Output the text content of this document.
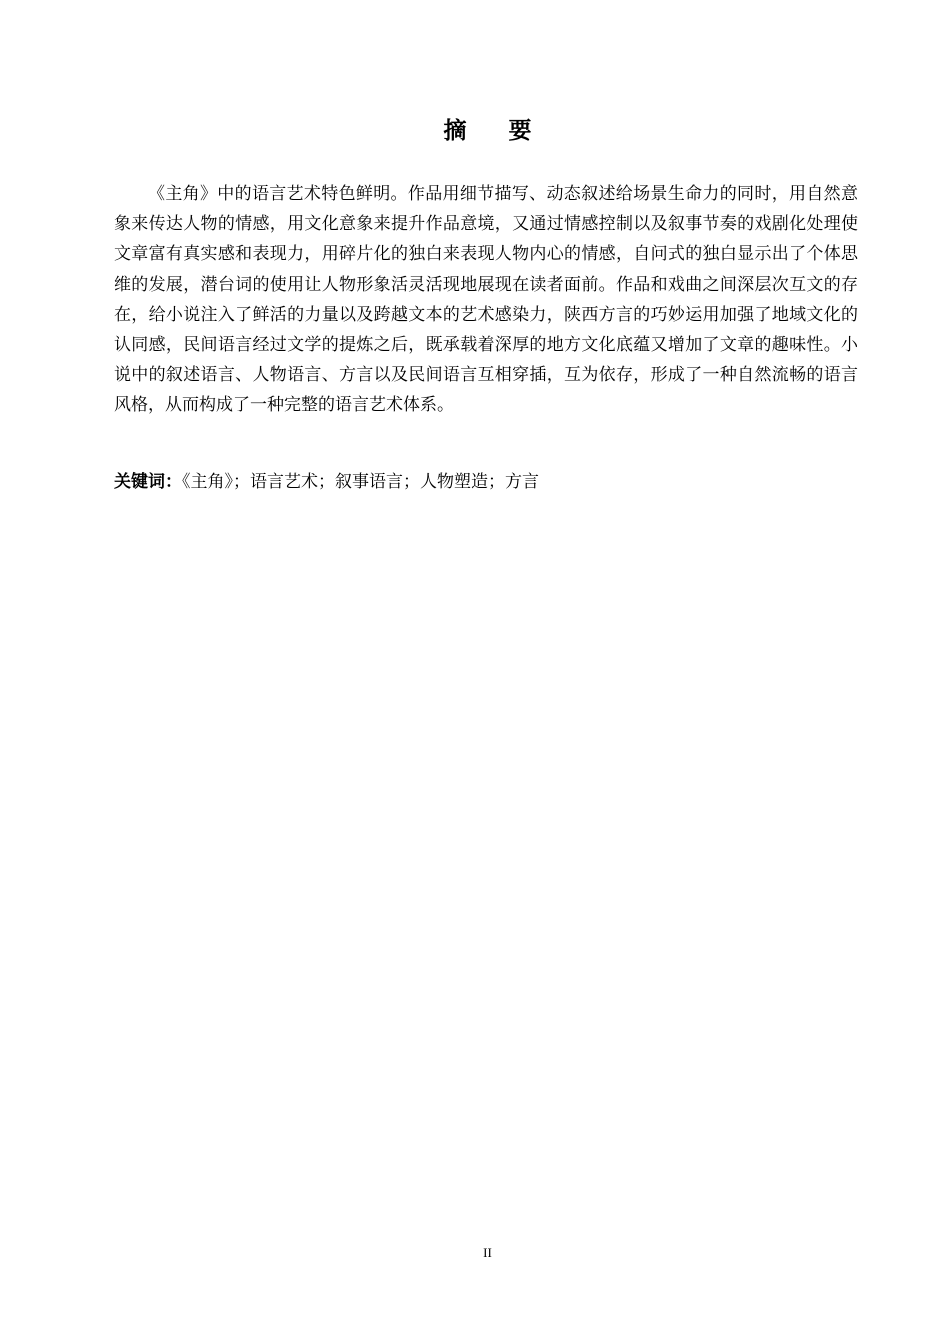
摘 要

《主角》中的语言艺术特色鲜明。作品用细节描写、动态叙述给场景生命力的同时，用自然意象来传达人物的情感，用文化意象来提升作品意境，又通过情感控制以及叙事节奏的戏剧化处理使文章富有真实感和表现力，用碎片化的独白来表现人物内心的情感，自问式的独白显示出了个体思维的发展，潜台词的使用让人物形象活灵活现地展现在读者面前。作品和戏曲之间深层次互文的存在，给小说注入了鲜活的力量以及跨越文本的艺术感染力，陕西方言的巧妙运用加强了地域文化的认同感，民间语言经过文学的提炼之后，既承载着深厚的地方文化底蕴又增加了文章的趣味性。小说中的叙述语言、人物语言、方言以及民间语言互相穿插，互为依存，形成了一种自然流畅的语言风格，从而构成了一种完整的语言艺术体系。

关键词：《主角》；语言艺术；叙事语言；人物塑造；方言

II
